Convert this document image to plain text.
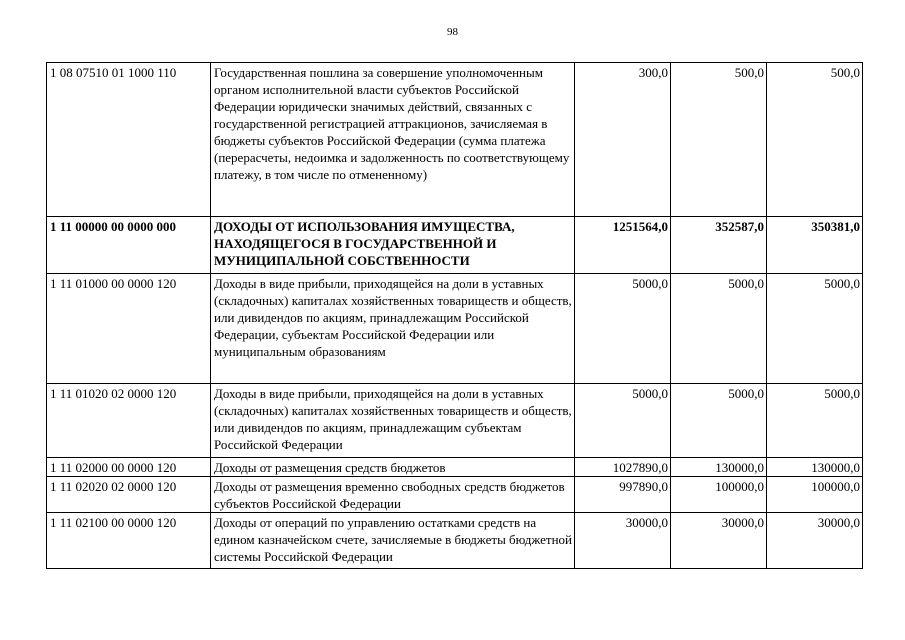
98
1 08 07510 01 1000 110	Государственная пошлина за совершение уполномоченным органом исполнительной власти субъектов Российской Федерации юридически значимых действий, связанных с государственной регистрацией аттракционов, зачисляемая в бюджеты субъектов Российской Федерации (сумма платежа (перерасчеты, недоимка и задолженность по соответствующему платежу, в том числе по отмененному)	300,0	500,0	500,0
1 11 00000 00 0000 000	ДОХОДЫ ОТ ИСПОЛЬЗОВАНИЯ ИМУЩЕСТВА, НАХОДЯЩЕГОСЯ В ГОСУДАРСТВЕННОЙ И МУНИЦИПАЛЬНОЙ СОБСТВЕННОСТИ	1251564,0	352587,0	350381,0
1 11 01000 00 0000 120	Доходы в виде прибыли, приходящейся на доли в уставных (складочных) капиталах хозяйственных товариществ и обществ, или дивидендов по акциям, принадлежащим Российской Федерации, субъектам Российской Федерации или муниципальным образованиям	5000,0	5000,0	5000,0
1 11 01020 02 0000 120	Доходы в виде прибыли, приходящейся на доли в уставных (складочных) капиталах хозяйственных товариществ и обществ, или дивидендов по акциям, принадлежащим субъектам Российской Федерации	5000,0	5000,0	5000,0
1 11 02000 00 0000 120	Доходы от размещения средств бюджетов	1027890,0	130000,0	130000,0
1 11 02020 02 0000 120	Доходы от размещения временно свободных средств бюджетов субъектов Российской Федерации	997890,0	100000,0	100000,0
1 11 02100 00 0000 120	Доходы от операций по управлению остатками средств на едином казначейском счете, зачисляемые в бюджеты бюджетной системы Российской Федерации	30000,0	30000,0	30000,0
